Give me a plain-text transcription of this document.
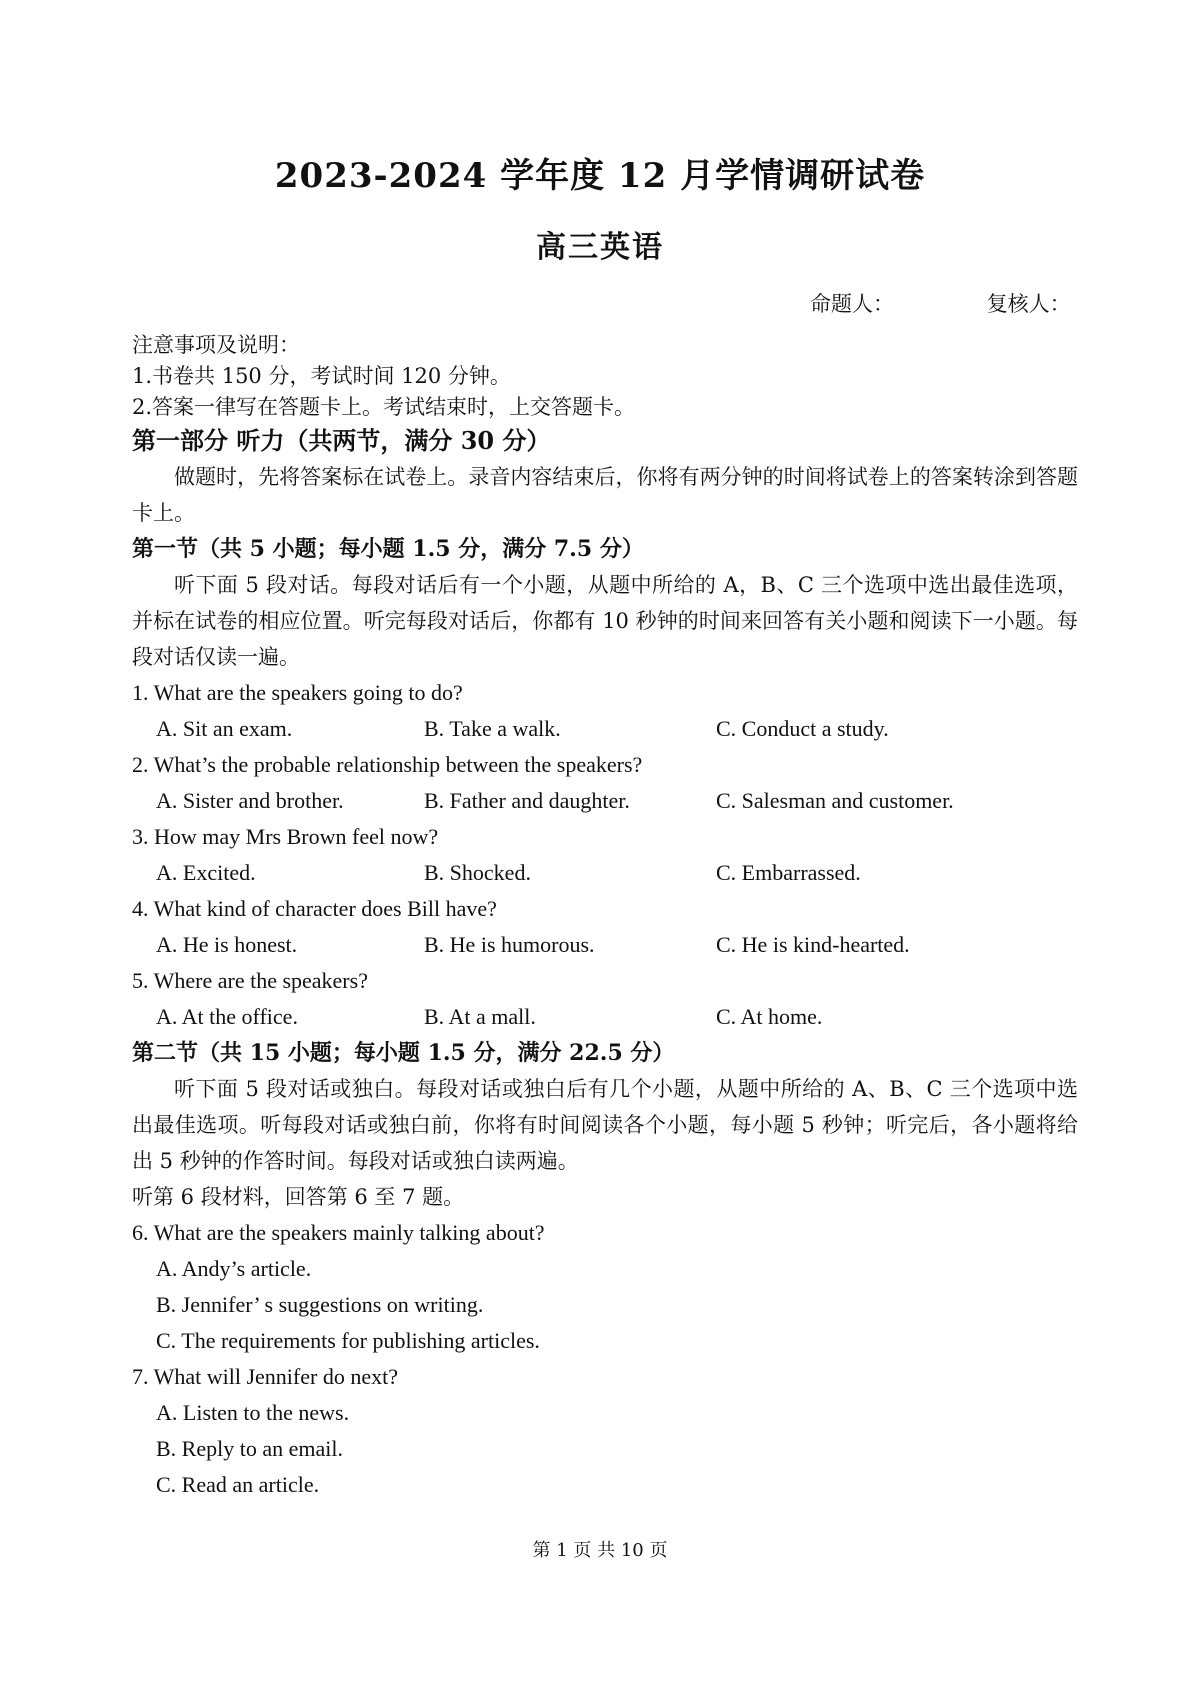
2023-2024 学年度 12 月学情调研试卷
高三英语
命题人：	复核人：
注意事项及说明：
1.书卷共 150 分，考试时间 120 分钟。
2.答案一律写在答题卡上。考试结束时，上交答题卡。
第一部分 听力（共两节，满分 30 分）
做题时，先将答案标在试卷上。录音内容结束后，你将有两分钟的时间将试卷上的答案转涂到答题卡上。
第一节（共 5 小题；每小题 1.5 分，满分 7.5 分）
听下面 5 段对话。每段对话后有一个小题，从题中所给的 A，B、C 三个选项中选出最佳选项，并标在试卷的相应位置。听完每段对话后，你都有 10 秒钟的时间来回答有关小题和阅读下一小题。每段对话仅读一遍。
1. What are the speakers going to do?
A. Sit an exam.	B. Take a walk.	C. Conduct a study.
2. What’s the probable relationship between the speakers?
A. Sister and brother.	B. Father and daughter.	C. Salesman and customer.
3. How may Mrs Brown feel now?
A. Excited.	B. Shocked.	C. Embarrassed.
4. What kind of character does Bill have?
A. He is honest.	B. He is humorous.	C. He is kind-hearted.
5. Where are the speakers?
A. At the office.	B. At a mall.	C. At home.
第二节（共 15 小题；每小题 1.5 分，满分 22.5 分）
听下面 5 段对话或独白。每段对话或独白后有几个小题，从题中所给的 A、B、C 三个选项中选出最佳选项。听每段对话或独白前，你将有时间阅读各个小题，每小题 5 秒钟；听完后，各小题将给出 5 秒钟的作答时间。每段对话或独白读两遍。
听第 6 段材料，回答第 6 至 7 题。
6. What are the speakers mainly talking about?
A. Andy’s article.
B. Jennifer’ s suggestions on writing.
C. The requirements for publishing articles.
7. What will Jennifer do next?
A. Listen to the news.
B. Reply to an email.
C. Read an article.
第 1 页 共 10 页
